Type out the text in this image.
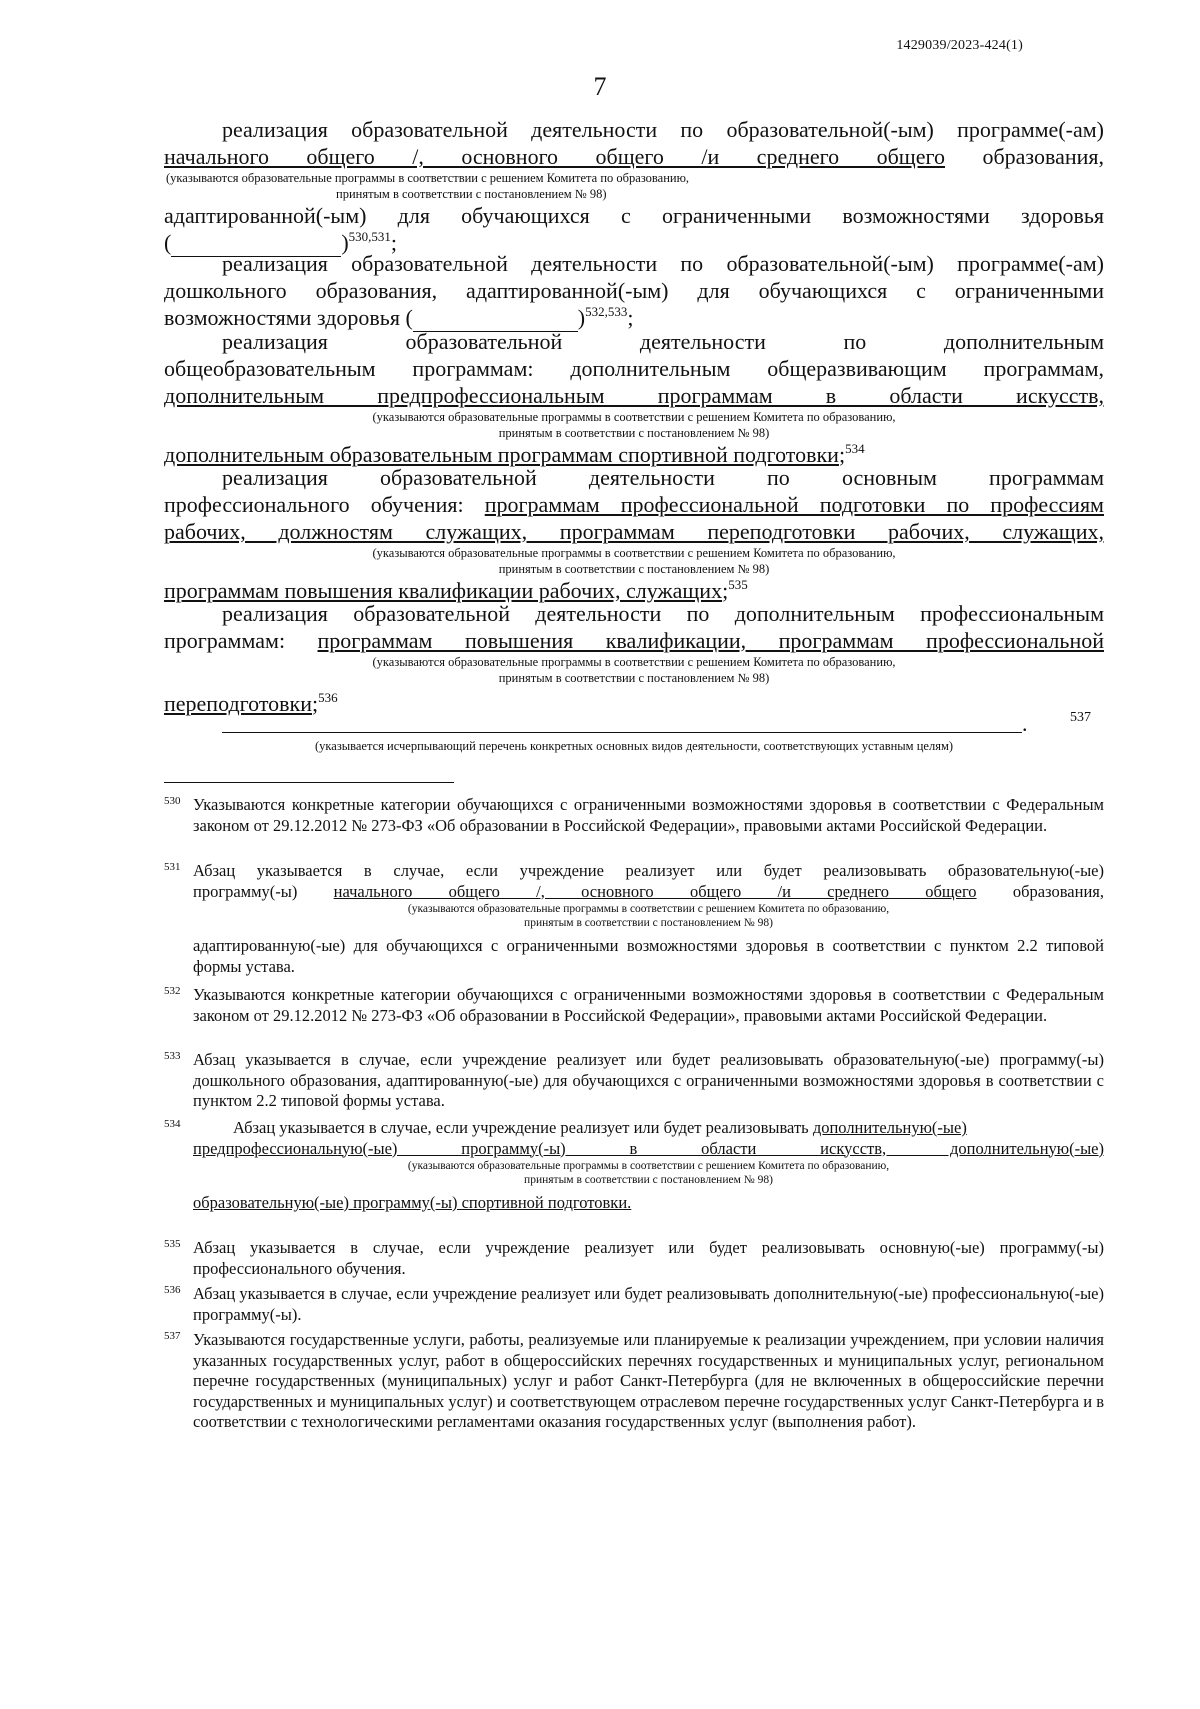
1429039/2023-424(1)
7
реализация образовательной деятельности по образовательной(-ым) программе(-ам)
начального общего /, основного общего /и среднего общего образования,
(указываются образовательные программы в соответствии с решением Комитета по образованию,
принятым в соответствии с постановлением № 98)
адаптированной(-ым) для обучающихся с ограниченными возможностями здоровья
(	)$^{530,531}$;
реализация образовательной деятельности по образовательной(-ым) программе(-ам)
дошкольного образования, адаптированной(-ым) для обучающихся с ограниченными
возможностями здоровья (	)$^{532,533}$;
реализация образовательной деятельности по дополнительным
общеобразовательным программам: дополнительным общеразвивающим программам,
дополнительным предпрофессиональным программам в области искусств,
(указываются образовательные программы в соответствии с решением Комитета по образованию,
принятым в соответствии с постановлением № 98)
дополнительным образовательным программам спортивной подготовки;$^{534}$
реализация образовательной деятельности по основным программам
профессионального обучения: программам профессиональной подготовки по профессиям
рабочих, должностям служащих, программам переподготовки рабочих, служащих,
(указываются образовательные программы в соответствии с решением Комитета по образованию,
принятым в соответствии с постановлением № 98)
программам повышения квалификации рабочих, служащих;$^{535}$
реализация образовательной деятельности по дополнительным профессиональным
программам: программам повышения квалификации, программам профессиональной
(указываются образовательные программы в соответствии с решением Комитета по образованию,
принятым в соответствии с постановлением № 98)
переподготовки;$^{536}$
.	537
(указывается исчерпывающий перечень конкретных основных видов деятельности, соответствующих уставным целям)
530 Указываются конкретные категории обучающихся с ограниченными возможностями здоровья в соответствии с Федеральным законом от 29.12.2012 № 273-ФЗ «Об образовании в Российской Федерации», правовыми актами Российской Федерации.
531 Абзац указывается в случае, если учреждение реализует или будет реализовывать образовательную(-ые)
программу(-ы) начального общего /, основного общего /и среднего общего образования,
(указываются образовательные программы в соответствии с решением Комитета по образованию,
принятым в соответствии с постановлением № 98)
адаптированную(-ые) для обучающихся с ограниченными возможностями здоровья в соответствии с пунктом 2.2 типовой формы устава.
532 Указываются конкретные категории обучающихся с ограниченными возможностями здоровья в соответствии с Федеральным законом от 29.12.2012 № 273-ФЗ «Об образовании в Российской Федерации», правовыми актами Российской Федерации.
533 Абзац указывается в случае, если учреждение реализует или будет реализовывать образовательную(-ые) программу(-ы) дошкольного образования, адаптированную(-ые) для обучающихся с ограниченными возможностями здоровья в соответствии с пунктом 2.2 типовой формы устава.
534	Абзац указывается в случае, если учреждение реализует или будет реализовывать дополнительную(-ые)
предпрофессиональную(-ые) программу(-ы) в области искусств, дополнительную(-ые)
(указываются образовательные программы в соответствии с решением Комитета по образованию,
принятым в соответствии с постановлением № 98)
образовательную(-ые) программу(-ы) спортивной подготовки.
535 Абзац указывается в случае, если учреждение реализует или будет реализовывать основную(-ые) программу(-ы) профессионального обучения.
536 Абзац указывается в случае, если учреждение реализует или будет реализовывать дополнительную(-ые) профессиональную(-ые) программу(-ы).
537 Указываются государственные услуги, работы, реализуемые или планируемые к реализации учреждением, при условии наличия указанных государственных услуг, работ в общероссийских перечнях государственных и муниципальных услуг, региональном перечне государственных (муниципальных) услуг и работ Санкт-Петербурга (для не включенных в общероссийские перечни государственных и муниципальных услуг) и соответствующем отраслевом перечне государственных услуг Санкт-Петербурга и в соответствии с технологическими регламентами оказания государственных услуг (выполнения работ).
